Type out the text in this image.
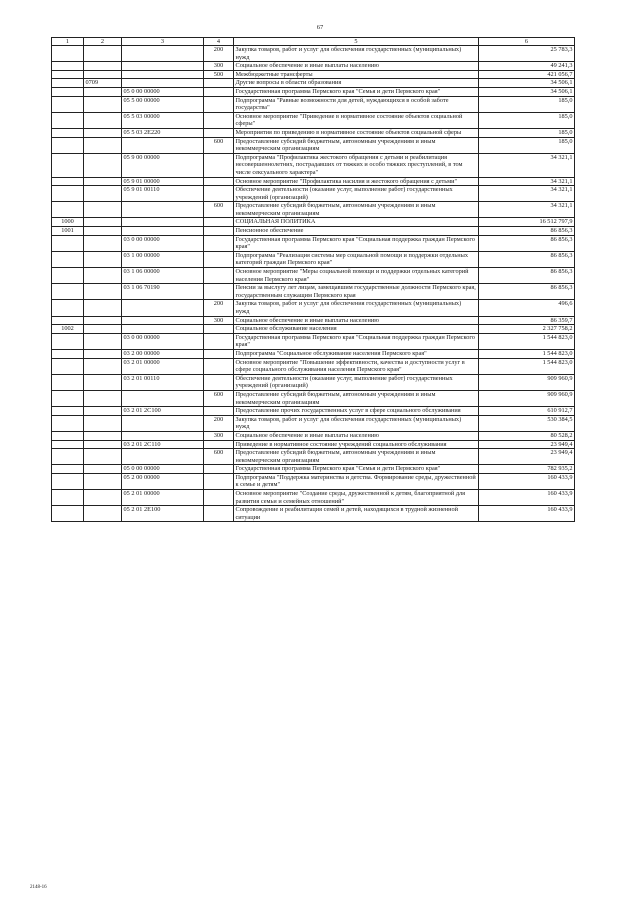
67
1	2	3	4	5	6
			200	Закупка товаров, работ и услуг для обеспечения государственных (муниципальных) нужд	25 783,3
			300	Социальное обеспечение и иные выплаты населению	49 241,3
			500	Межбюджетные трансферты	421 056,7
	0709			Другие вопросы в области образования	34 506,1
		05 0 00 00000		Государственная программа Пермского края "Семья и дети Пермского края"	34 506,1
		05 5 00 00000		Подпрограмма "Равные возможности для детей, нуждающихся в особой заботе государства"	185,0
		05 5 03 00000		Основное мероприятие "Приведение в нормативное состояние объектов социальной сферы"	185,0
		05 5 03 2Е220		Мероприятия по приведению в нормативное состояние объектов социальной сферы	185,0
			600	Предоставление субсидий бюджетным, автономным учреждениям и иным некоммерческим организациям	185,0
		05 9 00 00000		Подпрограмма "Профилактика жестокого обращения с детьми и реабилитация несовершеннолетних, пострадавших от тяжких и особо тяжких преступлений, в том числе сексуального характера"	34 321,1
		05 9 01 00000		Основное мероприятие "Профилактика насилия и жестокого обращения с детьми"	34 321,1
		05 9 01 00110		Обеспечение деятельности (оказание услуг, выполнение работ) государственных учреждений (организаций)	34 321,1
			600	Предоставление субсидий бюджетным, автономным учреждениям и иным некоммерческим организациям	34 321,1
1000				СОЦИАЛЬНАЯ ПОЛИТИКА	16 512 797,9
1001				Пенсионное обеспечение	86 856,3
		03 0 00 00000		Государственная программа Пермского края "Социальная поддержка граждан Пермского края"	86 856,3
		03 1 00 00000		Подпрограмма "Реализация системы мер социальной помощи и поддержки отдельных категорий граждан Пермского края"	86 856,3
		03 1 06 00000		Основное мероприятие "Меры социальной помощи и поддержки отдельных категорий населения Пермского края"	86 856,3
		03 1 06 70190		Пенсии за выслугу лет лицам, замещавшим государственные должности Пермского края, государственным служащим Пермского края	86 856,3
			200	Закупка товаров, работ и услуг для обеспечения государственных (муниципальных) нужд	496,6
			300	Социальное обеспечение и иные выплаты населению	86 359,7
1002				Социальное обслуживание населения	2 327 758,2
		03 0 00 00000		Государственная программа Пермского края "Социальная поддержка граждан Пермского края"	1 544 823,0
		03 2 00 00000		Подпрограмма "Социальное обслуживание населения Пермского края"	1 544 823,0
		03 2 01 00000		Основное мероприятие "Повышение эффективности, качества и доступности услуг в сфере социального обслуживания населения Пермского края"	1 544 823,0
		03 2 01 00110		Обеспечение деятельности (оказание услуг, выполнение работ) государственных учреждений (организаций)	909 960,9
			600	Предоставление субсидий бюджетным, автономным учреждениям и иным некоммерческим организациям	909 960,9
		03 2 01 2С100		Предоставление прочих государственных услуг в сфере социального обслуживания	610 912,7
			200	Закупка товаров, работ и услуг для обеспечения государственных (муниципальных) нужд	530 384,5
			300	Социальное обеспечение и иные выплаты населению	80 528,2
		03 2 01 2С110		Приведение в нормативное состояние учреждений социального обслуживания	23 949,4
			600	Предоставление субсидий бюджетным, автономным учреждениям и иным некоммерческим организациям	23 949,4
		05 0 00 00000		Государственная программа Пермского края "Семья и дети Пермского края"	782 935,2
		05 2 00 00000		Подпрограмма "Поддержка материнства и детства. Формирование среды, дружественной к семье и детям"	160 433,9
		05 2 01 00000		Основное мероприятие "Создание среды, дружественной к детям, благоприятной для развития семьи и семейных отношений"	160 433,9
		05 2 01 2Е100		Сопровождение и реабилитация семей и детей, находящихся в трудной жизненной ситуации	160 433,9
2148-16
